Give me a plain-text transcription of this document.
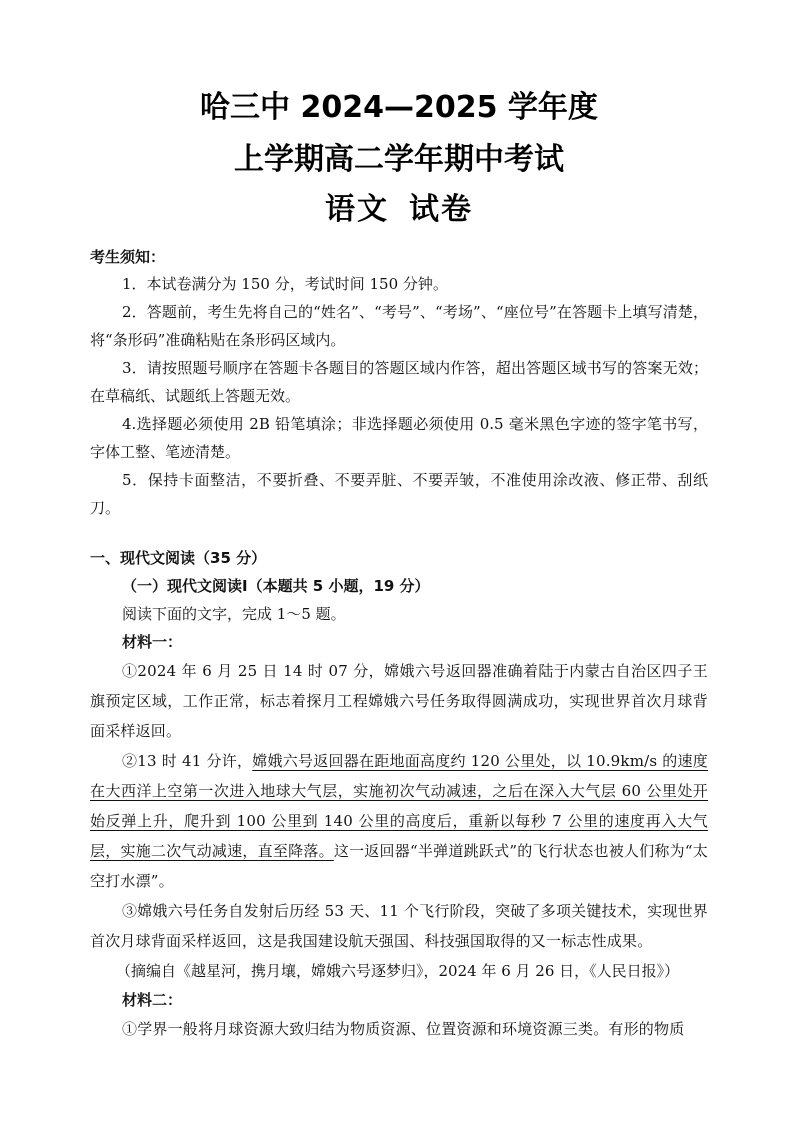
哈三中 2024—2025 学年度
上学期高二学年期中考试
语文 试卷
考生须知：

1．本试卷满分为 150 分，考试时间 150 分钟。

2．答题前，考生先将自己的“姓名”、“考号”、“考场”、“座位号”在答题卡上填写清楚，将“条形码”准确粘贴在条形码区域内。

3．请按照题号顺序在答题卡各题目的答题区域内作答，超出答题区域书写的答案无效；在草稿纸、试题纸上答题无效。

4.选择题必须使用 2B 铅笔填涂；非选择题必须使用 0.5 毫米黑色字迹的签字笔书写，字体工整、笔迹清楚。

5．保持卡面整洁，不要折叠、不要弄脏、不要弄皱，不准使用涂改液、修正带、刮纸刀。

一、现代文阅读（35 分）
（一）现代文阅读Ⅰ（本题共 5 小题，19 分）

阅读下面的文字，完成 1～5 题。

材料一：

①2024 年 6 月 25 日 14 时 07 分，嫦娥六号返回器准确着陆于内蒙古自治区四子王旗预定区域，工作正常，标志着探月工程嫦娥六号任务取得圆满成功，实现世界首次月球背面采样返回。

②13 时 41 分许，嫦娥六号返回器在距地面高度约 120 公里处，以 10.9km/s 的速度在大西洋上空第一次进入地球大气层，实施初次气动减速，之后在深入大气层 60 公里处开始反弹上升，爬升到 100 公里到 140 公里的高度后，重新以每秒 7 公里的速度再入大气层，实施二次气动减速，直至降落。这一返回器“半弹道跳跃式”的飞行状态也被人们称为“太空打水漂”。

③嫦娥六号任务自发射后历经 53 天、11 个飞行阶段，突破了多项关键技术，实现世界首次月球背面采样返回，这是我国建设航天强国、科技强国取得的又一标志性成果。

（摘编自《越星河，携月壤，嫦娥六号逐梦归》，2024 年 6 月 26 日，《人民日报》）

材料二：

①学界一般将月球资源大致归结为物质资源、位置资源和环境资源三类。有形的物质
